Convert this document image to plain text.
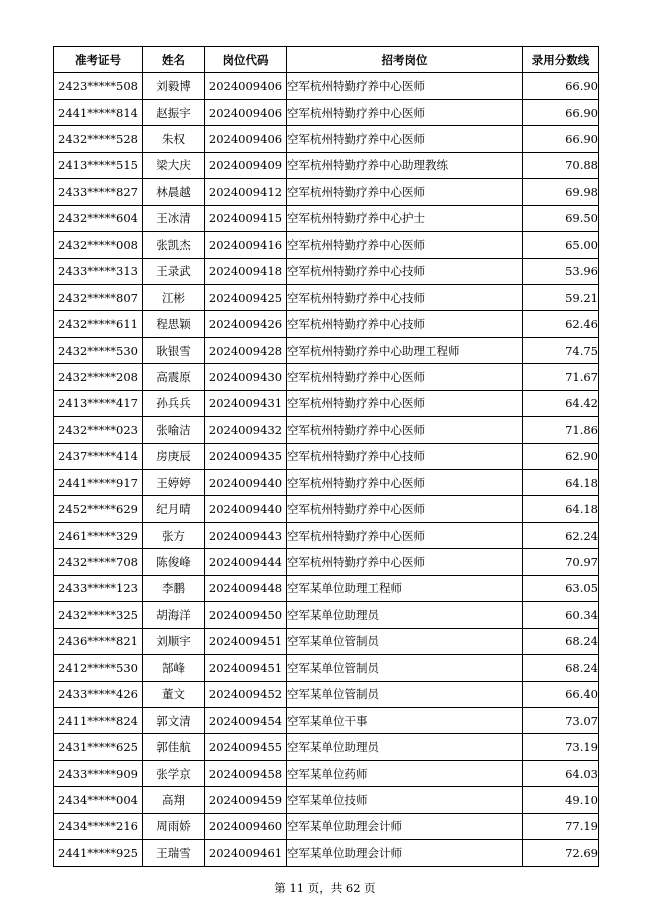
准考证号	姓名	岗位代码	招考岗位	录用分数线
2423*****508	刘毅博	2024009406	空军杭州特勤疗养中心医师	66.90
2441*****814	赵振宇	2024009406	空军杭州特勤疗养中心医师	66.90
2432*****528	朱权	2024009406	空军杭州特勤疗养中心医师	66.90
2413*****515	梁大庆	2024009409	空军杭州特勤疗养中心助理教练	70.88
2433*****827	林晨越	2024009412	空军杭州特勤疗养中心医师	69.98
2432*****604	王冰清	2024009415	空军杭州特勤疗养中心护士	69.50
2432*****008	张凯杰	2024009416	空军杭州特勤疗养中心医师	65.00
2433*****313	王录武	2024009418	空军杭州特勤疗养中心技师	53.96
2432*****807	江彬	2024009425	空军杭州特勤疗养中心技师	59.21
2432*****611	程思颖	2024009426	空军杭州特勤疗养中心技师	62.46
2432*****530	耿银雪	2024009428	空军杭州特勤疗养中心助理工程师	74.75
2432*****208	高震原	2024009430	空军杭州特勤疗养中心医师	71.67
2413*****417	孙兵兵	2024009431	空军杭州特勤疗养中心医师	64.42
2432*****023	张喻洁	2024009432	空军杭州特勤疗养中心医师	71.86
2437*****414	房庚辰	2024009435	空军杭州特勤疗养中心技师	62.90
2441*****917	王婷婷	2024009440	空军杭州特勤疗养中心医师	64.18
2452*****629	纪月晴	2024009440	空军杭州特勤疗养中心医师	64.18
2461*****329	张方	2024009443	空军杭州特勤疗养中心医师	62.24
2432*****708	陈俊峰	2024009444	空军杭州特勤疗养中心医师	70.97
2433*****123	李鹏	2024009448	空军某单位助理工程师	63.05
2432*****325	胡海洋	2024009450	空军某单位助理员	60.34
2436*****821	刘顺宇	2024009451	空军某单位管制员	68.24
2412*****530	郜峰	2024009451	空军某单位管制员	68.24
2433*****426	董文	2024009452	空军某单位管制员	66.40
2411*****824	郭文清	2024009454	空军某单位干事	73.07
2431*****625	郭佳航	2024009455	空军某单位助理员	73.19
2433*****909	张学京	2024009458	空军某单位药师	64.03
2434*****004	高翔	2024009459	空军某单位技师	49.10
2434*****216	周雨娇	2024009460	空军某单位助理会计师	77.19
2441*****925	王瑞雪	2024009461	空军某单位助理会计师	72.69
第 11 页，共 62 页
